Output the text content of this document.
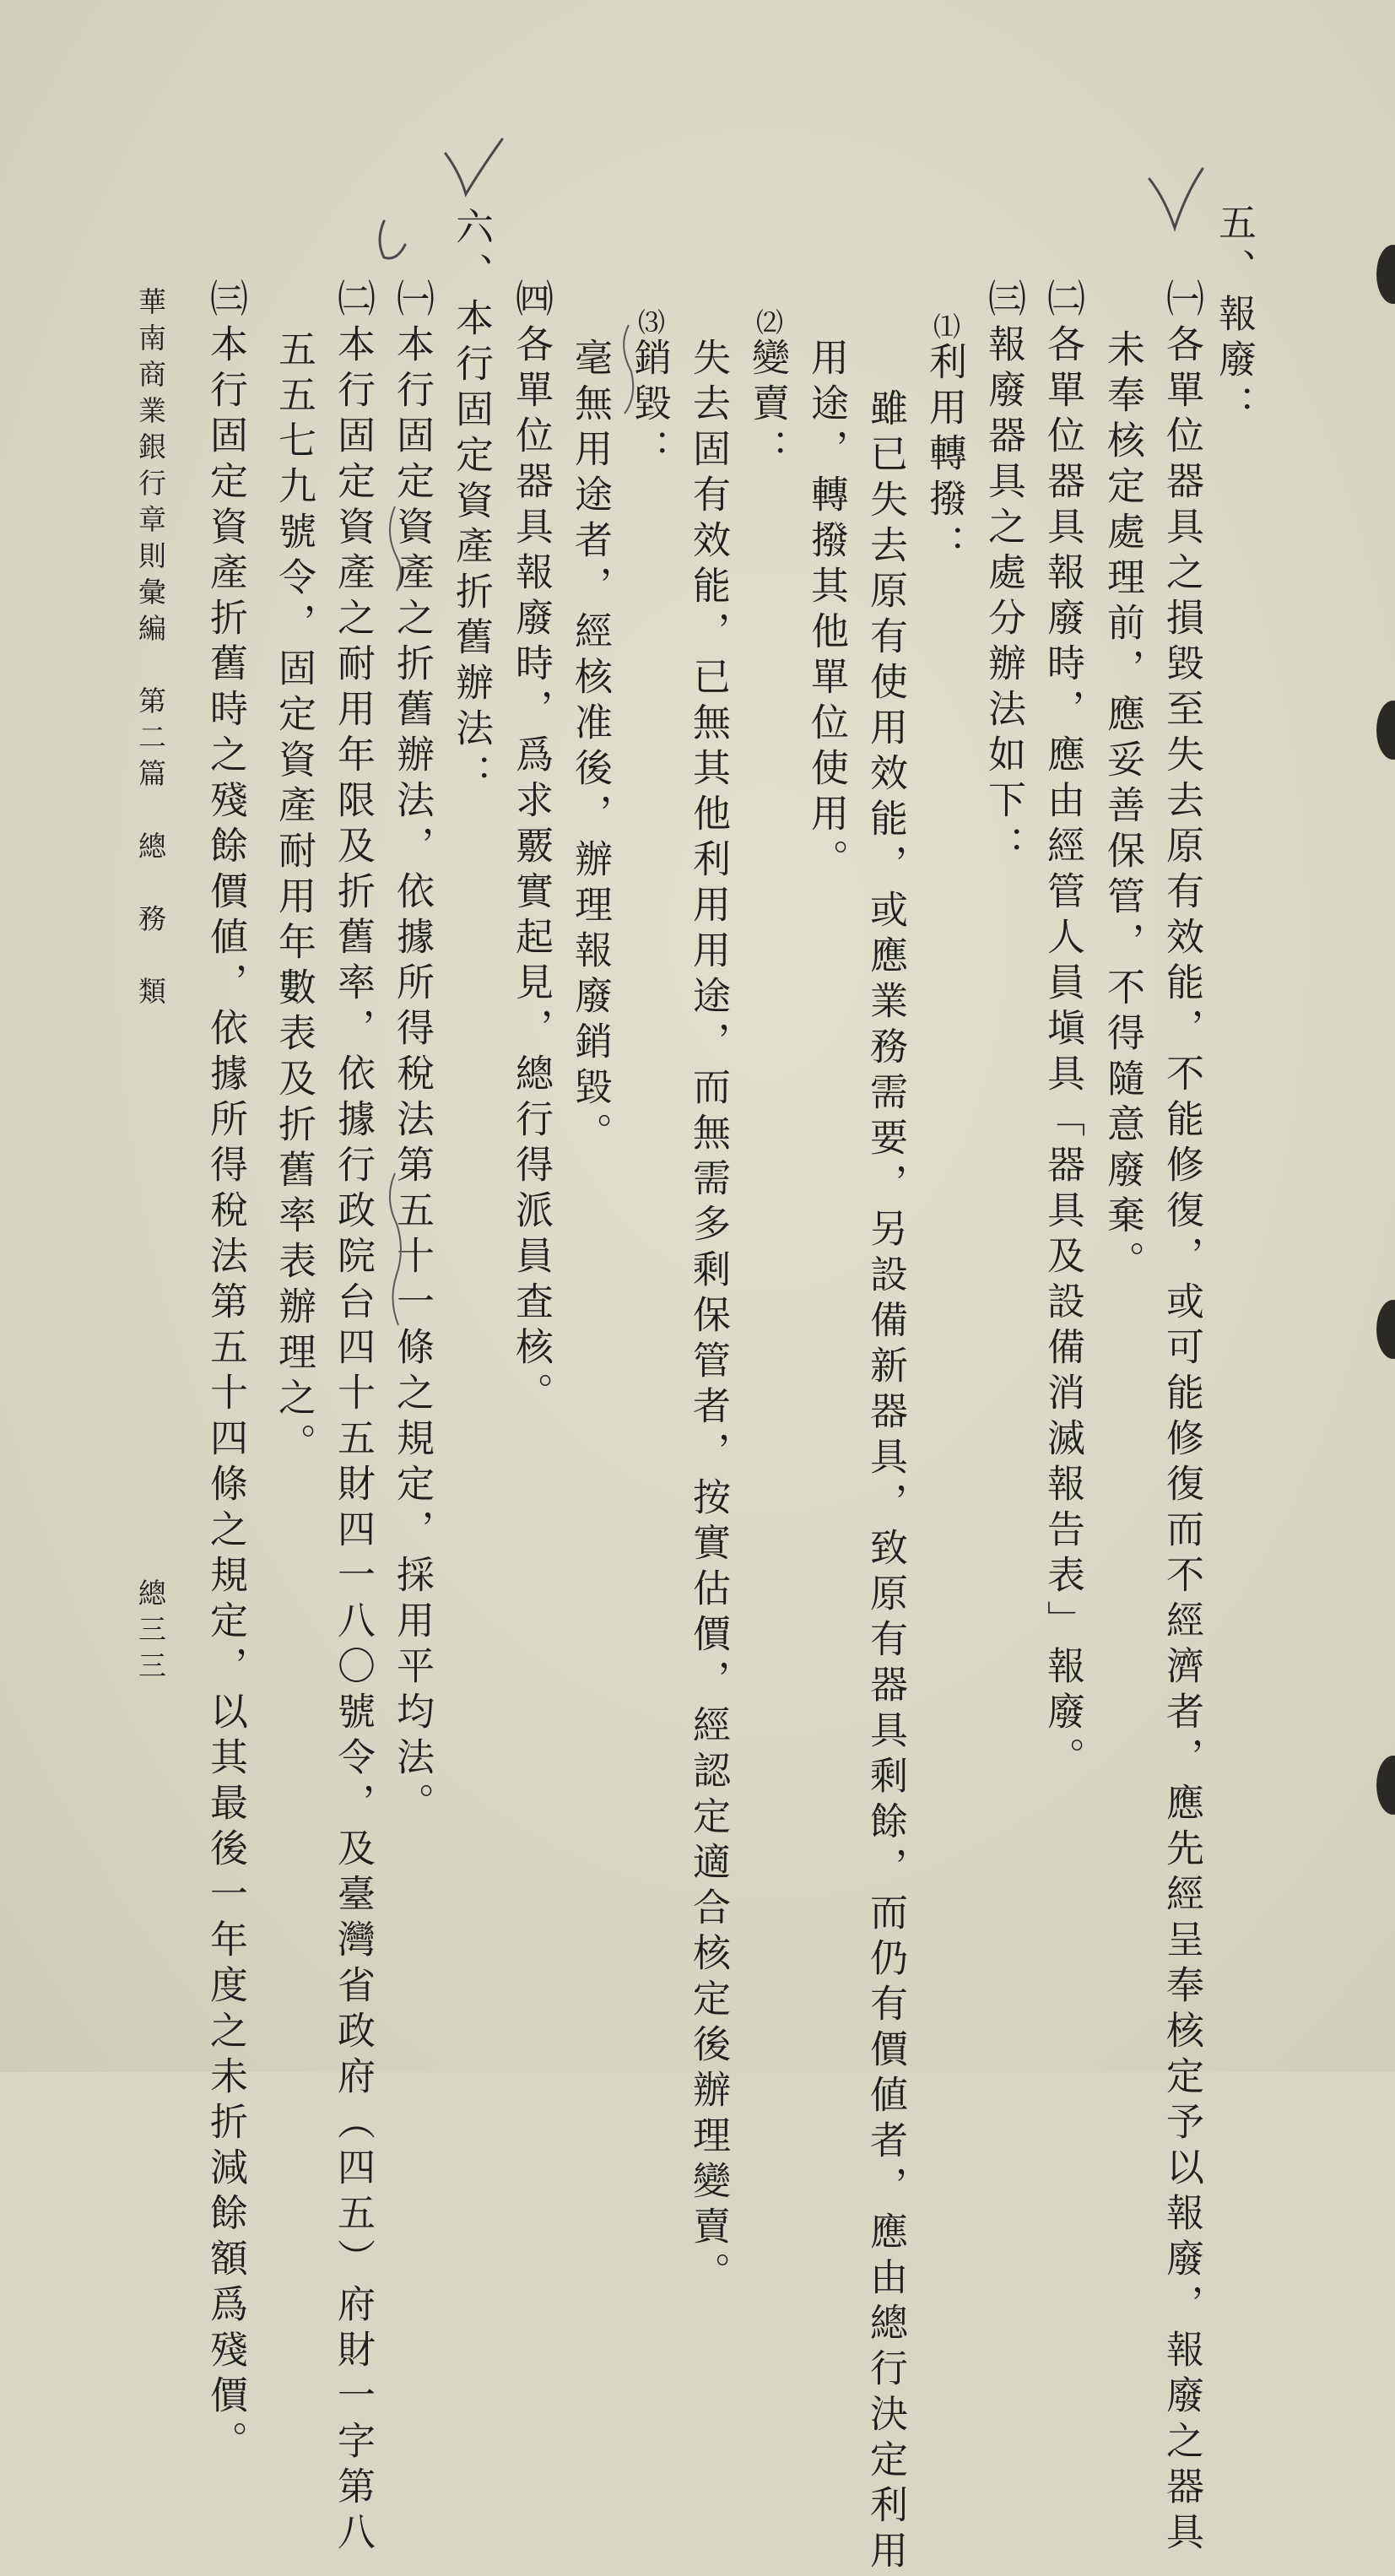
五、報廢：
㈠各單位器具之損毀至失去原有效能，不能修復，或可能修復而不經濟者，應先經呈奉核定予以報廢，報廢之器具
未奉核定處理前，應妥善保管，不得隨意廢棄。
㈡各單位器具報廢時，應由經管人員塡具「器具及設備消滅報告表」報廢。
㈢報廢器具之處分辦法如下：
⑴
利用轉撥：
雖已失去原有使用效能，或應業務需要，另設備新器具，致原有器具剩餘，而仍有價値者，應由總行決定利用
用途，轉撥其他單位使用。
⑵
變賣：
失去固有效能，已無其他利用用途，而無需多剩保管者，按實估價，經認定適合核定後辦理變賣。
⑶
銷毀：
毫無用途者，經核准後，辦理報廢銷毀。
㈣各單位器具報廢時，爲求覈實起見，總行得派員査核。
六、本行固定資產折舊辦法：
㈠本行固定資產之折舊辦法，依據所得稅法第五十一條之規定，採用平均法。
㈡本行固定資產之耐用年限及折舊率，依據行政院台四十五財四一八〇號令，及臺灣省政府（四五）府財一字第八
五五七九號令，固定資產耐用年數表及折舊率表辦理之。
㈢本行固定資產折舊時之殘餘價値，依據所得稅法第五十四條之規定，以其最後一年度之未折減餘額爲殘價。
華南商業銀行章則彙編　第二篇　總　務　類
總三三
